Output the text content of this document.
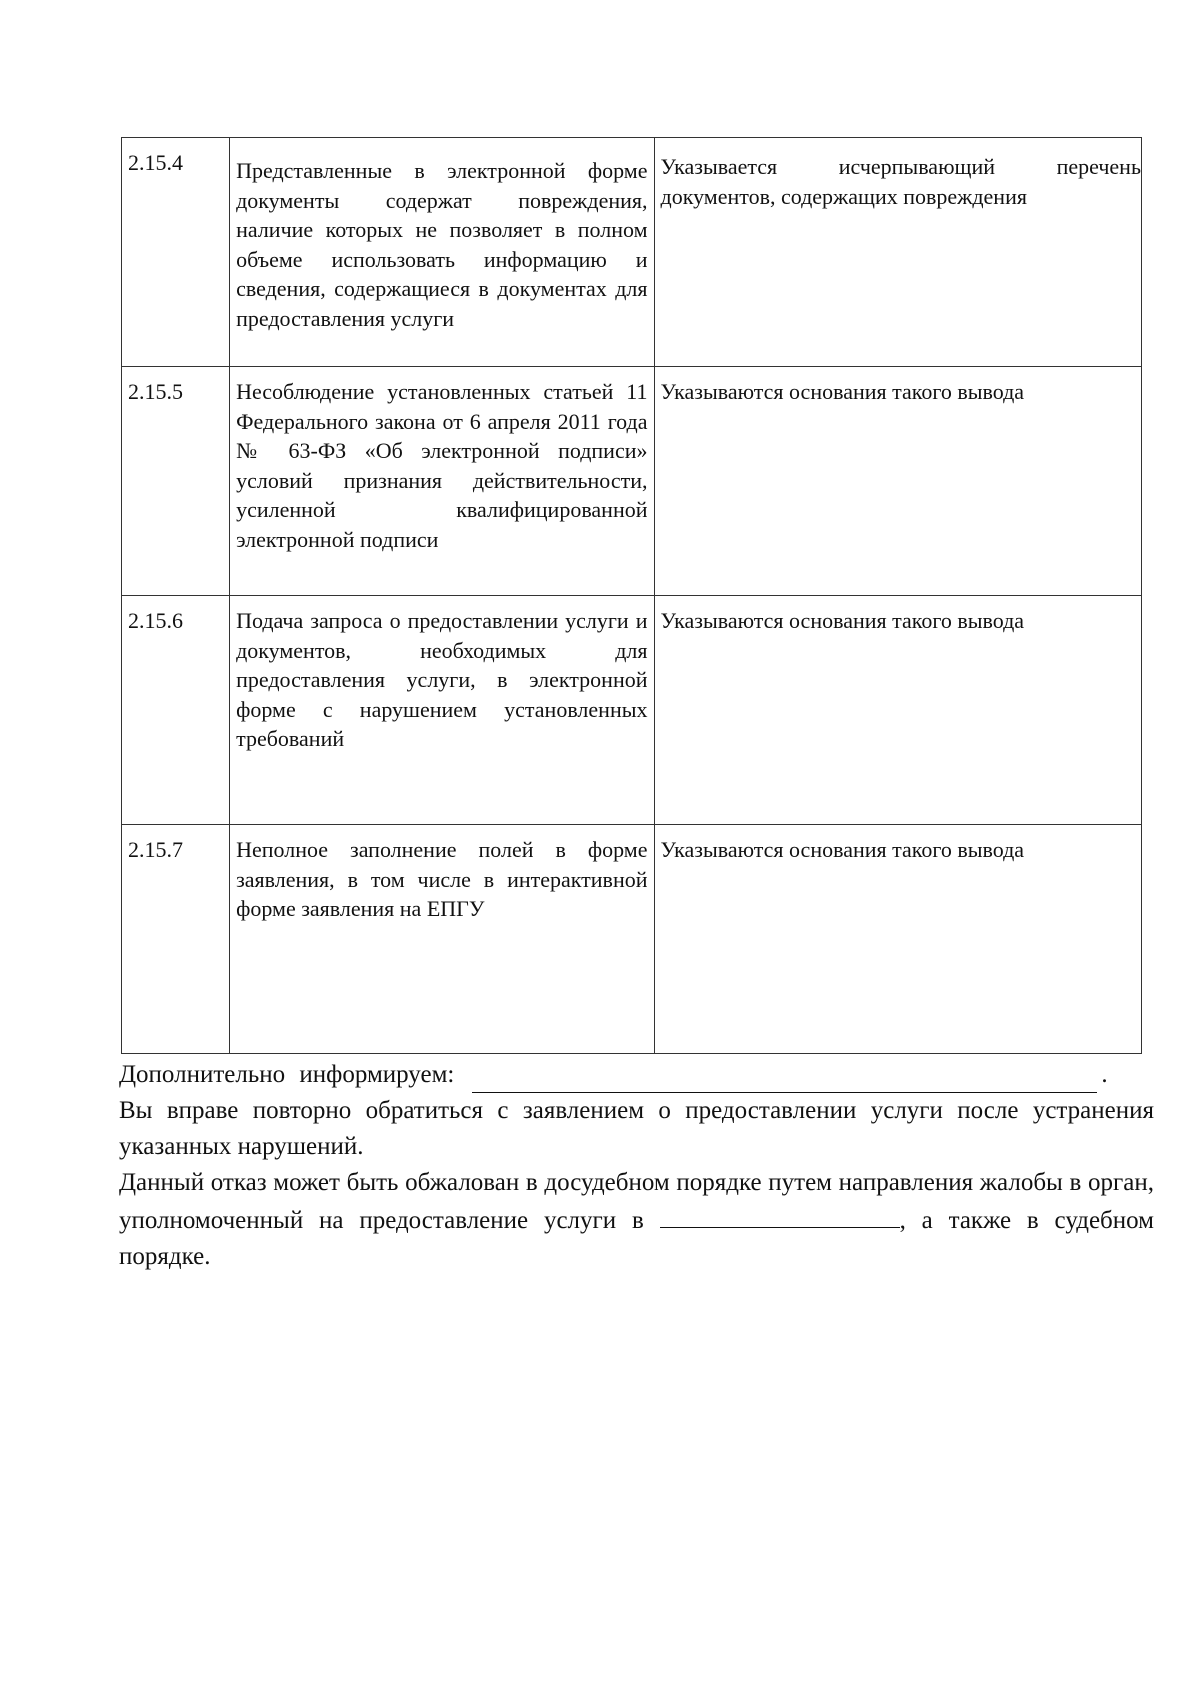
2.15.4	Представленные в электронной форме документы содержат повреждения, наличие которых не позволяет в полном объеме использовать информацию и сведения, содержащиеся в документах для предоставления услуги	Указывается исчерпывающий перечень документов, содержащих повреждения
2.15.5	Несоблюдение установленных статьей 11 Федерального закона от 6 апреля 2011 года № 63-ФЗ «Об электронной подписи» условий признания действительности, усиленной квалифицированной электронной подписи	Указываются основания такого вывода
2.15.6	Подача запроса о предоставлении услуги и документов, необходимых для предоставления услуги, в электронной форме с нарушением установленных требований	Указываются основания такого вывода
2.15.7	Неполное заполнение полей в форме заявления, в том числе в интерактивной форме заявления на ЕПГУ	Указываются основания такого вывода

Дополнительно информируем:	.

Вы вправе повторно обратиться с заявлением о предоставлении услуги после устранения указанных нарушений.

Данный отказ может быть обжалован в досудебном порядке путем направления жалобы в орган, уполномоченный на предоставление услуги в	, а также в судебном порядке.
